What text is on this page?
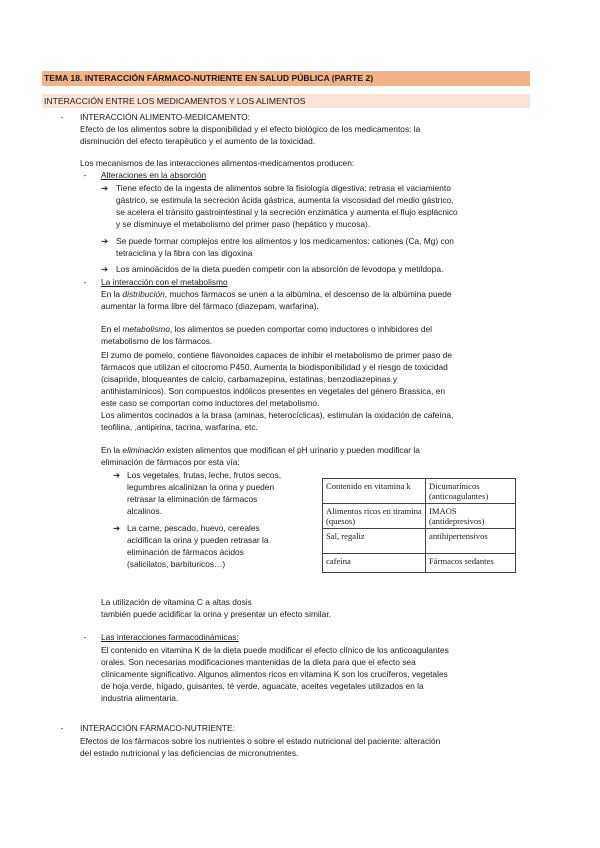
TEMA 18. INTERACCIÓN FÁRMACO-NUTRIENTE EN SALUD PÚBLICA (PARTE 2)
INTERACCIÓN ENTRE LOS MEDICAMENTOS Y LOS ALIMENTOS
-	INTERACCIÓN ALIMENTO-MEDICAMENTO:
Efecto de los alimentos sobre la disponibilidad y el efecto biológico de los medicamentos: la
disminución del efecto terapéutico y el aumento de la toxicidad.
Los mecanismos de las interacciones alimentos-medicamentos producen:
-	Alteraciones en la absorción
➔ Tiene efecto de la ingesta de alimentos sobre la fisiología digestiva: retrasa el vaciamiento
gástrico, se estimula la secreción ácida gástrica, aumenta la viscosidad del medio gástrico,
se acelera el tránsito gastrointestinal y la secreción enzimática y aumenta el flujo esplácnico
y se disminuye el metabolismo del primer paso (hepático y mucosa).
➔ Se puede formar complejos entre los alimentos y los medicamentos: cationes (Ca, Mg) con
tetraciclina y la fibra con las digoxina
➔ Los aminoácidos de la dieta pueden competir con la absorción de levodopa y metildopa.
-	La interacción con el metabolismo
En la distribución, muchos fármacos se unen a la albúmina, el descenso de la albúmina puede
aumentar la forma libre del fármaco (diazepam, warfarina).
En el metabolismo, los alimentos se pueden comportar como inductores o inhibidores del
metabolismo de los fármacos.
El zumo de pomelo, contiene flavonoides capaces de inhibir el metabolismo de primer paso de
fármacos que utilizan el citocromo P450. Aumenta la biodisponibilidad y el riesgo de toxicidad
(cisapride, bloqueantes de calcio, carbamazepina, estatinas, benzodiazepinas y
antihistamínicos). Son compuestos indólicos presentes en vegetales del género Brassica, en
este caso se comportan como inductores del metabolismo.
Los alimentos cocinados a la brasa (aminas, heterocíclicas), estimulan la oxidación de cafeína,
teofilina, ,antipirina, tacrina, warfarina, etc.
En la eliminación existen alimentos que modifican el pH urinario y pueden modificar la
eliminación de fármacos por esta vía:
➔ Los vegetales, frutas, leche, frutos secos,
legumbres alcalinizan la orina y pueden
retrasar la eliminación de fármacos
alcalinos.
➔ La carne, pescado, huevo, cereales
acidifican la orina y pueden retrasar la
eliminación de fármacos ácidos
(salicilatos, barbituricos…)
Contenido en vitamina k	Dicumarínicos (anticoagulantes)
Alimentos ricos en tiramina (quesos)	IMAOS (antidepresivos)
Sal, regaliz	antihipertensivos
cafeína	Fármacos sedantes
La utilización de vitamina C a altas dosis
también puede acidificar la orina y presentar un efecto similar.
-	Las interacciones farmacodinámicas:
El contenido en vitamina K de la dieta puede modificar el efecto clínico de los anticoagulantes
orales. Son necesarias modificaciones mantenidas de la dieta para que el efecto sea
clínicamente significativo. Algunos alimentos ricos en vitamina K son los crucíferos, vegetales
de hoja verde, hígado, guisantes, té verde, aguacate, aceites vegetales utilizados en la
industria alimentaria.
-	INTERACCIÓN FÁRMACO-NUTRIENTE:
Efectos de los fármacos sobre los nutrientes o sobre el estado nutricional del paciente: alteración
del estado nutricional y las deficiencias de micronutrientes.
